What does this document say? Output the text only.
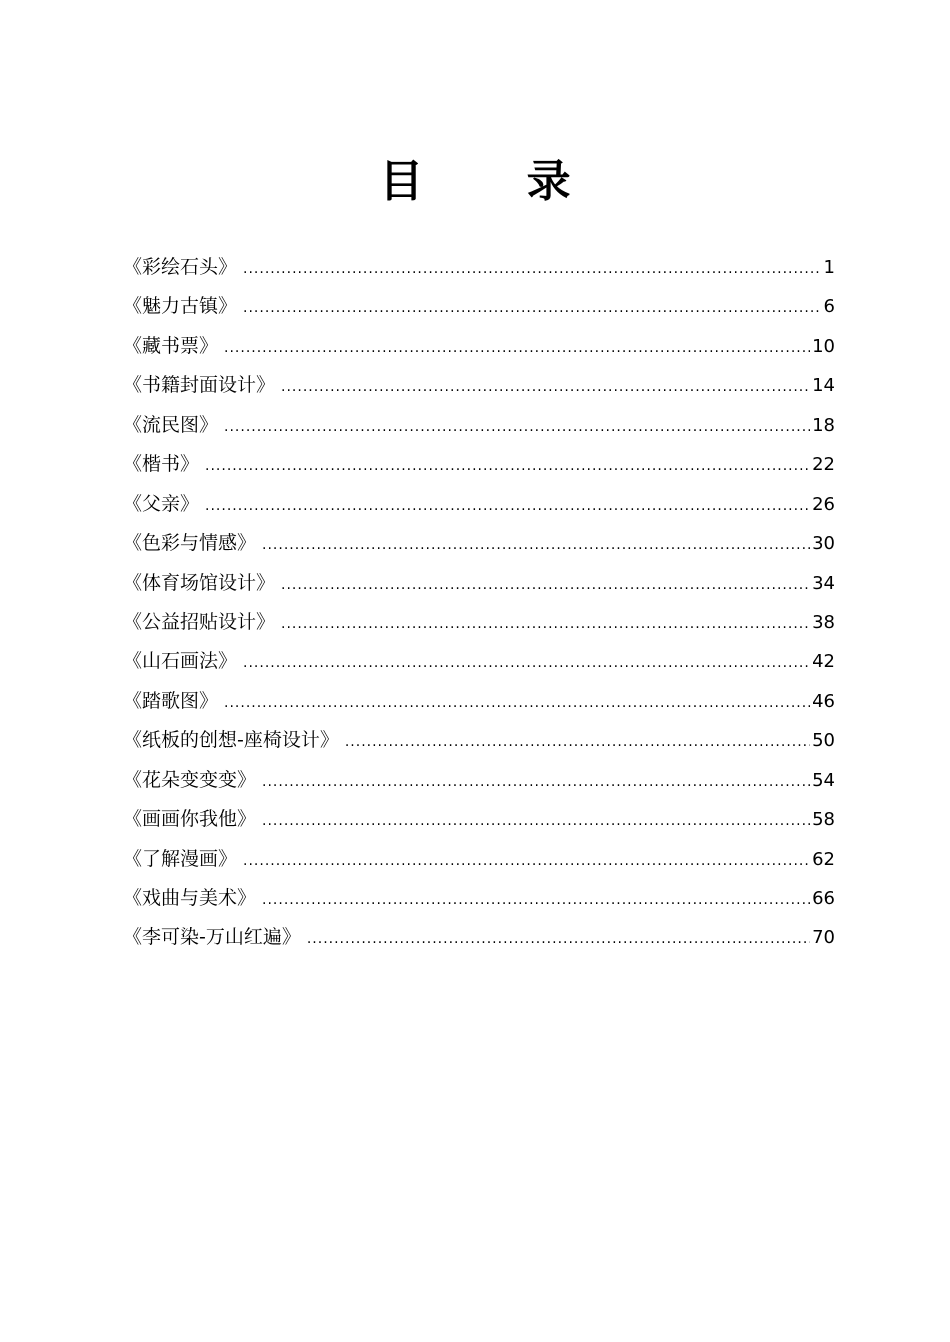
目 录
《彩绘石头》 .....	1
《魅力古镇》 .....	6
《藏书票》 .....	10
《书籍封面设计》 .....	14
《流民图》 .....	18
《楷书》 .....	22
《父亲》 .....	26
《色彩与情感》 .....	30
《体育场馆设计》 .....	34
《公益招贴设计》 .....	38
《山石画法》 .....	42
《踏歌图》 .....	46
《纸板的创想-座椅设计》 .....	50
《花朵变变变》 .....	54
《画画你我他》 .....	58
《了解漫画》 .....	62
《戏曲与美术》 .....	66
《李可染-万山红遍》 .....	70
